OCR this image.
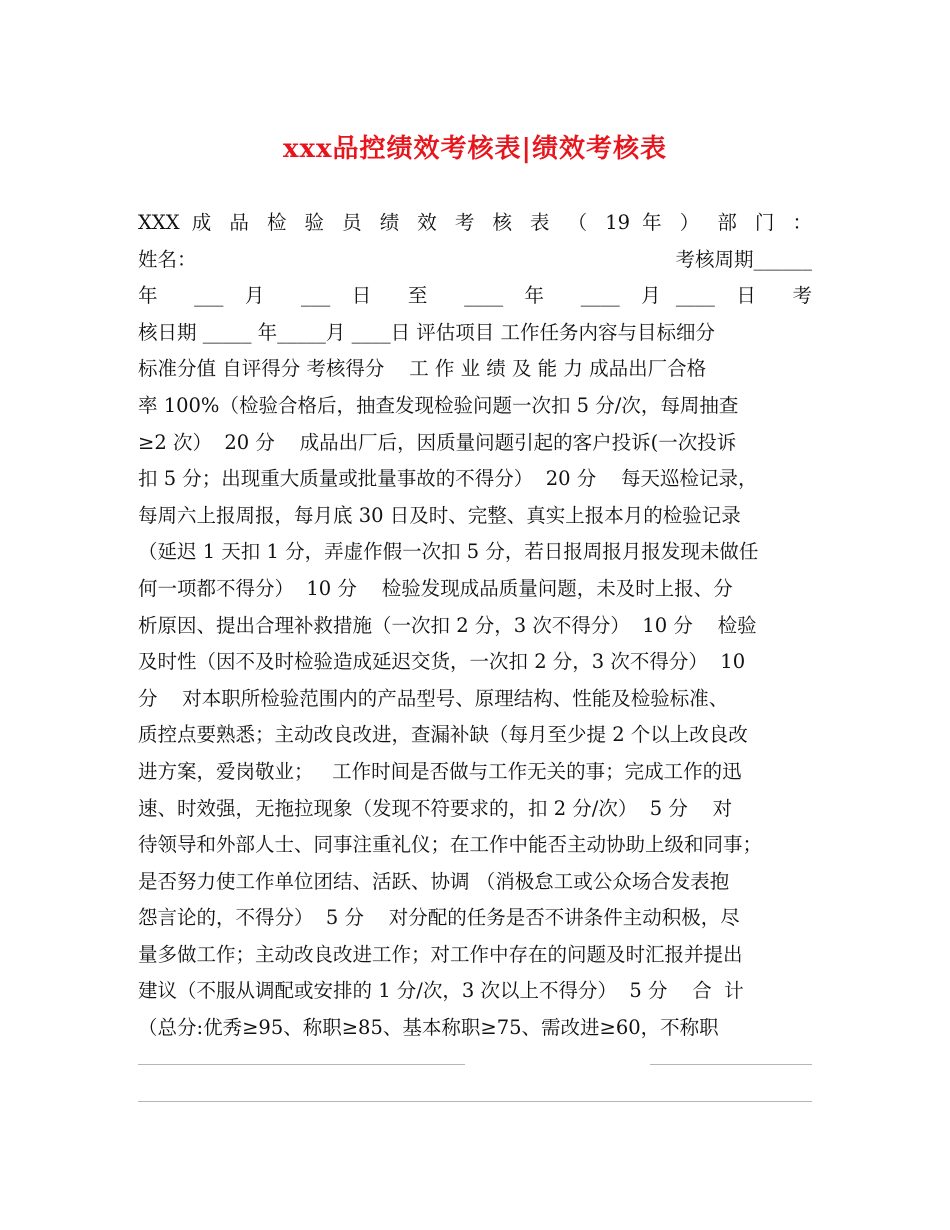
xxx品控绩效考核表|绩效考核表
XXX 成 品 检 验 员 绩 效 考 核 表 （ 19 年 ） 部 门 ：
姓名：	考核周期______
年 ___ 月 ___ 日 至 ____ 年 ____ 月____ 日 考
核日期 _____ 年_____月 ____日 评估项目 工作任务内容与目标细分
标准分值 自评得分 考核得分    工 作 业 绩 及 能 力 成品出厂合格
率 100%（检验合格后，抽查发现检验问题一次扣 5 分/次，每周抽查
≥2 次）  20 分    成品出厂后，因质量问题引起的客户投诉(一次投诉
扣 5 分；出现重大质量或批量事故的不得分）  20 分    每天巡检记录，
每周六上报周报，每月底 30 日及时、完整、真实上报本月的检验记录
（延迟 1 天扣 1 分，弄虚作假一次扣 5 分，若日报周报月报发现未做任
何一项都不得分）  10 分    检验发现成品质量问题，未及时上报、分
析原因、提出合理补救措施（一次扣 2 分，3 次不得分）  10 分    检验
及时性（因不及时检验造成延迟交货，一次扣 2 分，3 次不得分）  10
分    对本职所检验范围内的产品型号、原理结构、性能及检验标准、
质控点要熟悉；主动改良改进，查漏补缺（每月至少提 2 个以上改良改
进方案，爱岗敬业；   工作时间是否做与工作无关的事；完成工作的迅
速、时效强，无拖拉现象（发现不符要求的，扣 2 分/次）  5 分    对
待领导和外部人士、同事注重礼仪；在工作中能否主动协助上级和同事；
是否努力使工作单位团结、活跃、协调 （消极怠工或公众场合发表抱
怨言论的，不得分）  5 分    对分配的任务是否不讲条件主动积极，尽
量多做工作；主动改良改进工作；对工作中存在的问题及时汇报并提出
建议（不服从调配或安排的 1 分/次，3 次以上不得分）  5 分    合  计
（总分:优秀≥95、称职≥85、基本称职≥75、需改进≥60，不称职
